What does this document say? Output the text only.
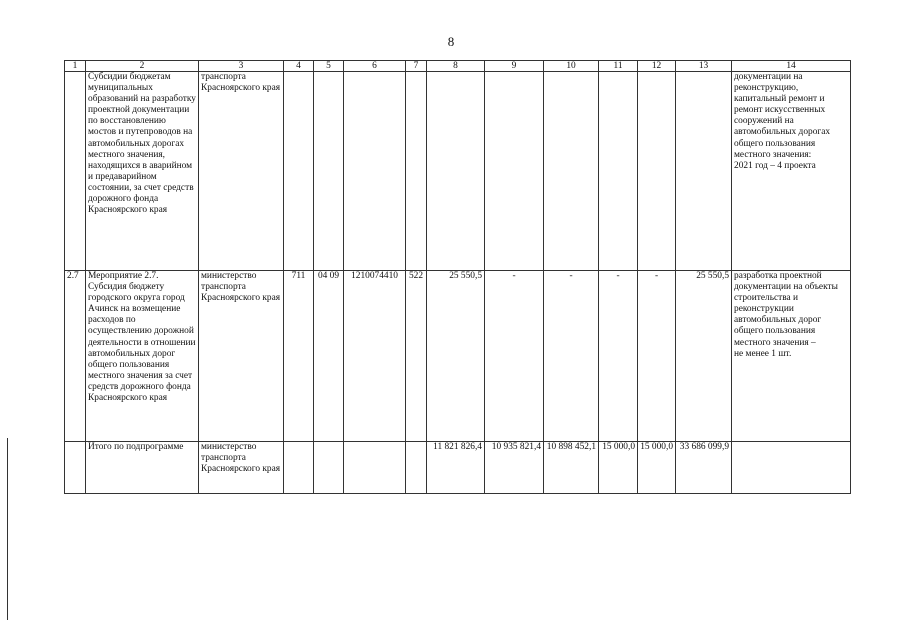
8
1	2	3	4	5	6	7	8	9	10	11	12	13	14
	Субсидии бюджетам муниципальных образований на разработку проектной документации
по восстановлению мостов и путепроводов на автомобильных дорогах местного значения, находящихся в аварийном и предаварийном состоянии, за счет средств дорожного фонда Красноярского края	транспорта Красноярского края											документации на реконструкцию, капитальный ремонт и ремонт искусственных сооружений на автомобильных дорогах общего пользования местного значения:
2021 год – 4 проекта
2.7	Мероприятие 2.7. Субсидия бюджету городского округа город Ачинск на возмещение расходов по осуществлению дорожной деятельности в отношении автомобильных дорог общего пользования местного значения за счет средств дорожного фонда Красноярского края	министерство транспорта Красноярского края	711	04 09	1210074410	522	25 550,5	-	-	-	-	25 550,5	разработка проектной документации на объекты строительства и реконструкции автомобильных дорог общего пользования местного значения –
не менее 1 шт.
	Итого по подпрограмме	министерство транспорта Красноярского края					11 821 826,4	10 935 821,4	10 898 452,1	15 000,0	15 000,0	33 686 099,9	
